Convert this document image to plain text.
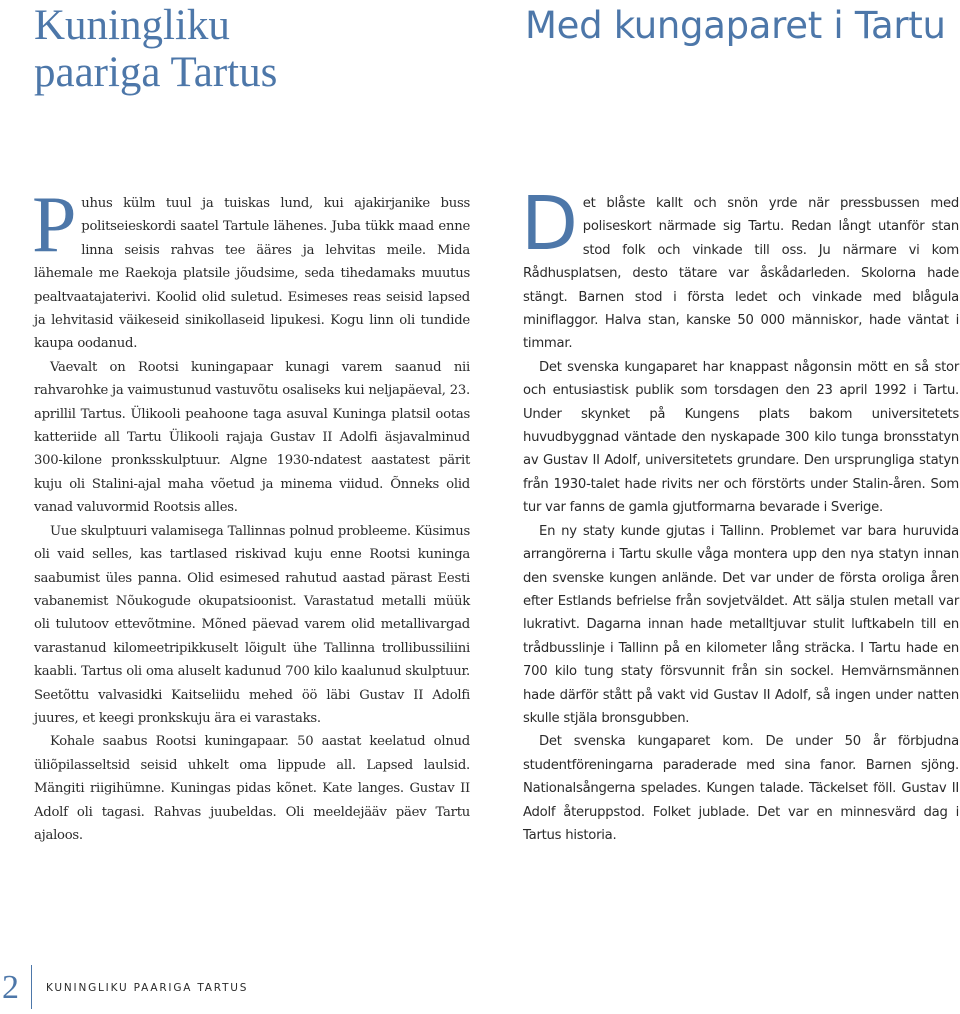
Kuningliku
paariga Tartus
Med kungaparet i Tartu

Puhus külm tuul ja tuiskas lund, kui ajakirjanike buss politseieskordi saatel Tartule lähenes. Juba tükk maad enne linna seisis rahvas tee ääres ja lehvitas meile. Mida lähemale me Raekoja platsile jõudsime, seda tihedamaks muutus pealtvaatajaterivi. Koolid olid suletud. Esimeses reas seisid lapsed ja lehvitasid väikeseid sinikollaseid lipukesi. Kogu linn oli tundide kaupa oodanud.

Vaevalt on Rootsi kuningapaar kunagi varem saanud nii rahvarohke ja vaimustunud vastuvõtu osaliseks kui neljapäeval, 23. aprillil Tartus. Ülikooli peahoone taga asuval Kuninga platsil ootas katteriide all Tartu Ülikooli rajaja Gustav II Adolfi äsjavalminud 300-kilone pronksskulptuur. Algne 1930-ndatest aastatest pärit kuju oli Stalini-ajal maha võetud ja minema viidud. Õnneks olid vanad valuvormid Rootsis alles.

Uue skulptuuri valamisega Tallinnas polnud probleeme. Küsimus oli vaid selles, kas tartlased riskivad kuju enne Rootsi kuninga saabumist üles panna. Olid esimesed rahutud aastad pärast Eesti vabanemist Nõukogude okupatsioonist. Varastatud metalli müük oli tulutoov ettevõtmine. Mõned päevad varem olid metallivargad varastanud kilomeetripikkuselt lõigult ühe Tallinna trollibussiliini kaabli. Tartus oli oma aluselt kadunud 700 kilo kaalunud skulptuur. Seetõttu valvasidki Kaitseliidu mehed öö läbi Gustav II Adolfi juures, et keegi pronkskuju ära ei varastaks.

Kohale saabus Rootsi kuningapaar. 50 aastat keelatud olnud üliõpilasseltsid seisid uhkelt oma lippude all. Lapsed laulsid. Mängiti riigihümne. Kuningas pidas kõnet. Kate langes. Gustav II Adolf oli tagasi. Rahvas juubeldas. Oli meeldejääv päev Tartu ajaloos.

Det blåste kallt och snön yrde när pressbussen med poliseskort närmade sig Tartu. Redan långt utanför stan stod folk och vinkade till oss. Ju närmare vi kom Rådhusplatsen, desto tätare var åskådarleden. Skolorna hade stängt. Barnen stod i första ledet och vinkade med blågula miniflaggor. Halva stan, kanske 50 000 människor, hade väntat i timmar.

Det svenska kungaparet har knappast någonsin mött en så stor och entusiastisk publik som torsdagen den 23 april 1992 i Tartu. Under skynket på Kungens plats bakom universitetets huvudbyggnad väntade den nyskapade 300 kilo tunga bronsstatyn av Gustav II Adolf, universitetets grundare. Den ursprungliga statyn från 1930-talet hade rivits ner och förstörts under Stalin-åren. Som tur var fanns de gamla gjutformarna bevarade i Sverige.

En ny staty kunde gjutas i Tallinn. Problemet var bara huruvida arrangörerna i Tartu skulle våga montera upp den nya statyn innan den svenske kungen anlände. Det var under de första oroliga åren efter Estlands befrielse från sovjetväldet. Att sälja stulen metall var lukrativt. Dagarna innan hade metalltjuvar stulit luftkabeln till en trådbusslinje i Tallinn på en kilometer lång sträcka. I Tartu hade en 700 kilo tung staty försvunnit från sin sockel. Hemvärnsmännen hade därför stått på vakt vid Gustav II Adolf, så ingen under natten skulle stjäla bronsgubben.

Det svenska kungaparet kom. De under 50 år förbjudna studentföreningarna paraderade med sina fanor. Barnen sjöng. Nationalsångerna spelades. Kungen talade. Täckelset föll. Gustav II Adolf återuppstod. Folket jublade. Det var en minnesvärd dag i Tartus historia.

2	KUNINGLIKU PAARIGA TARTUS
